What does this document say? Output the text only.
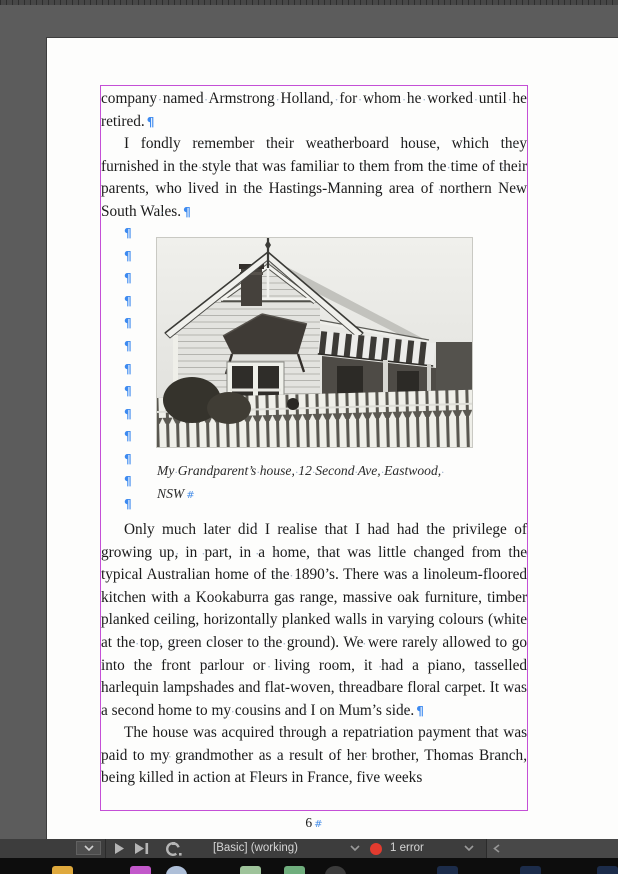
company · named · Armstrong · Holland, · for · whom · he · worked · until · he retired. ¶

I · fondly · remember · their · weatherboard· house, · which · they furnished · in · the · style· that · was · familiar · to · them · from · the· time · of · their parents, · who · lived · in · the· Hastings-Manning · area · of · northern · New South· Wales. ¶

¶
¶
¶
¶
¶
¶
¶
¶
¶
¶
¶
¶
¶
My · Grandparent’s · house, · 12 · Second· Ave, · Eastwood, NSW #

Only · much · later · did · I · realise · that · I · had · had · the · privilege · of growing · up,· in · part, · in · a · home, · that · was · little· changed · from · the typical · Australian · home · of · the · 1890’s. · There · was · a · linoleum-floored kitchen · with · a · Kookaburra · gas · range,· massive · oak · furniture, · timber planked· ceiling, · horizontally · planked · walls · in · varying · colours · (white at · the · top, · green· closer · to · the · ground). · We · were · rarely· allowed · to · go into · the · front · parlour · or· living · room, · it · had · a · piano, · tasselled harlequin · lampshades · and · flat-woven, · threadbare· floral · carpet. · It · was a · second · home · to· my · cousins · and · I · on · Mum’s · side. ¶

The · house · was · acquired · through · a· repatriation · payment · that · was paid · to · my· grandmother · as · a · result · of · her · brother,· Thomas · Branch, being · killed · in · action · at· Fleurs · in · France, · five · weeks

6 #
[Basic] (working)	1 error
